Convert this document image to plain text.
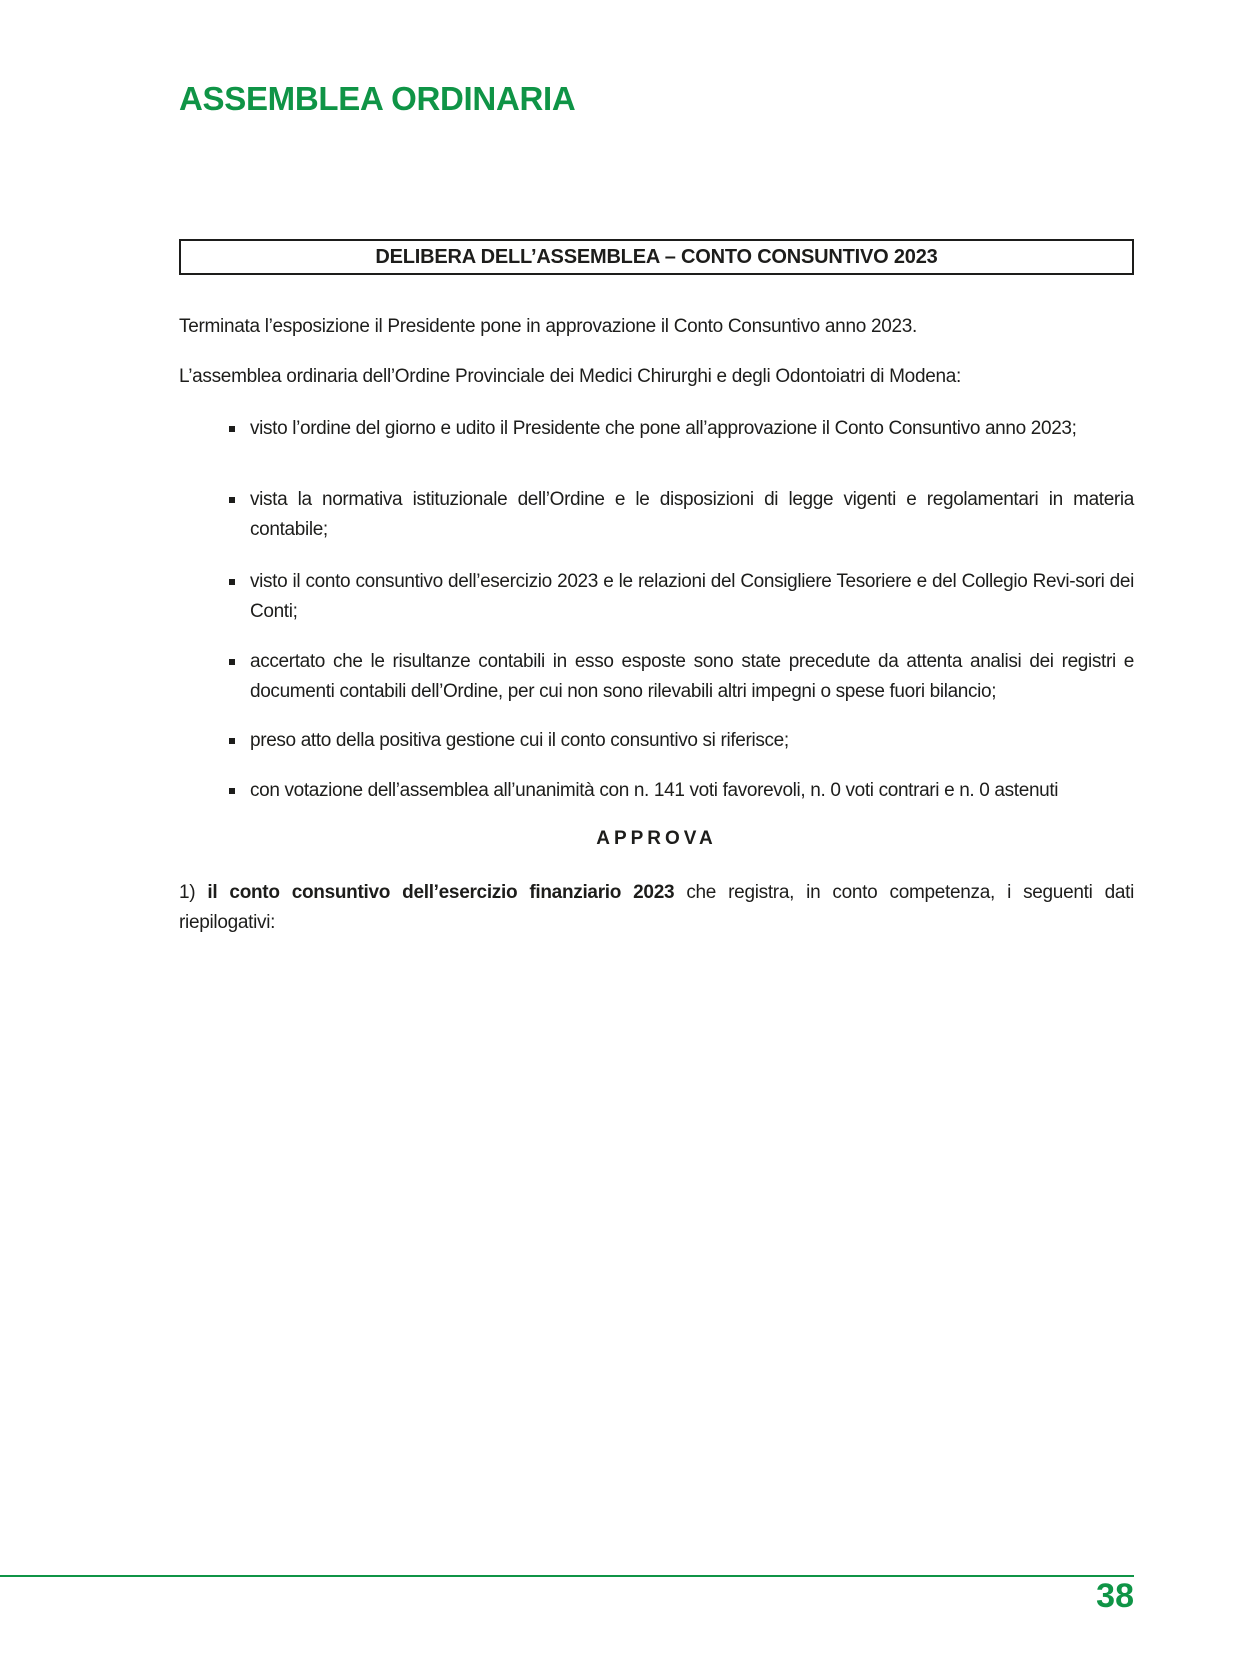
ASSEMBLEA ORDINARIA
DELIBERA DELL’ASSEMBLEA – CONTO CONSUNTIVO 2023

Terminata l’esposizione il Presidente pone in approvazione il Conto Consuntivo anno 2023.

L’assemblea ordinaria dell’Ordine Provinciale dei Medici Chirurghi e degli Odontoiatri di Modena:

visto l’ordine del giorno e udito il Presidente che pone all’approvazione il Conto Consuntivo anno 2023;
vista la normativa istituzionale dell’Ordine e le disposizioni di legge vigenti e regolamentari in materia contabile;
visto il conto consuntivo dell’esercizio 2023 e le relazioni del Consigliere Tesoriere e del Collegio Revi-sori dei Conti;
accertato che le risultanze contabili in esso esposte sono state precedute da attenta analisi dei registri e documenti contabili dell’Ordine, per cui non sono rilevabili altri impegni o spese fuori bilancio;
preso atto della positiva gestione cui il conto consuntivo si riferisce;
con votazione dell’assemblea all’unanimità con n. 141 voti favorevoli, n. 0 voti contrari e n. 0 astenuti

APPROVA

1) il conto consuntivo dell’esercizio finanziario 2023 che registra, in conto competenza, i seguenti dati riepilogativi:

38
